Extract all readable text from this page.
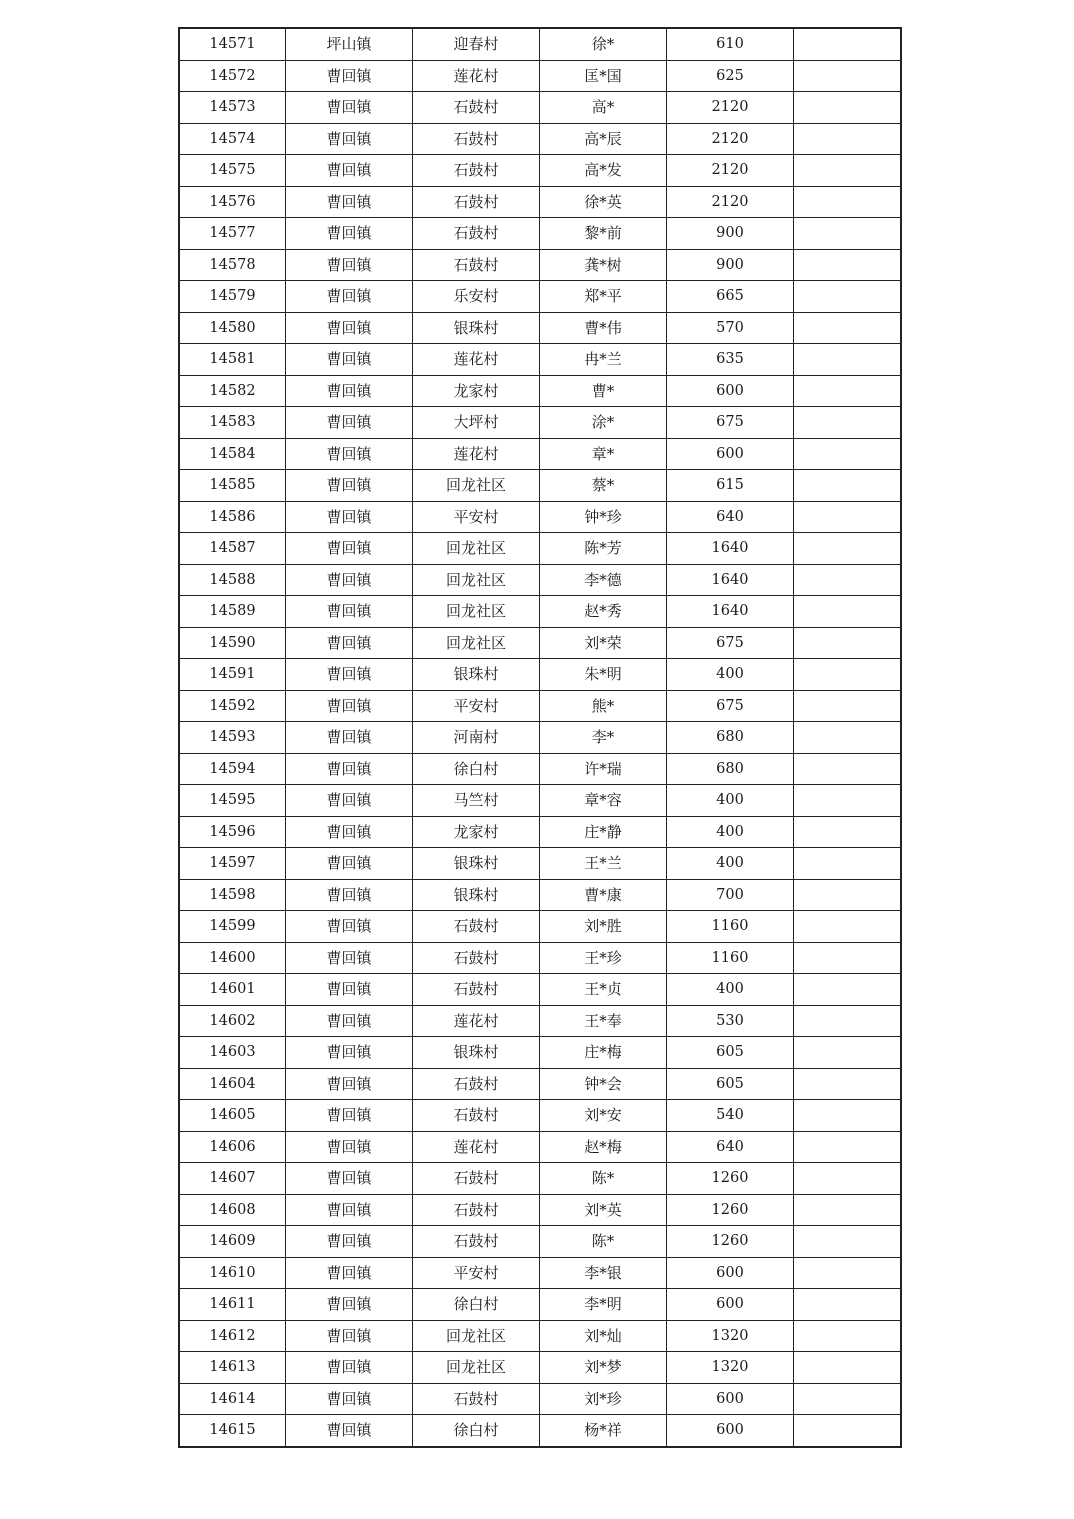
14571	坪山镇	迎春村	徐*	610	
14572	曹回镇	莲花村	匡*国	625	
14573	曹回镇	石鼓村	高*	2120	
14574	曹回镇	石鼓村	高*辰	2120	
14575	曹回镇	石鼓村	高*发	2120	
14576	曹回镇	石鼓村	徐*英	2120	
14577	曹回镇	石鼓村	黎*前	900	
14578	曹回镇	石鼓村	龚*树	900	
14579	曹回镇	乐安村	郑*平	665	
14580	曹回镇	银珠村	曹*伟	570	
14581	曹回镇	莲花村	冉*兰	635	
14582	曹回镇	龙家村	曹*	600	
14583	曹回镇	大坪村	涂*	675	
14584	曹回镇	莲花村	章*	600	
14585	曹回镇	回龙社区	蔡*	615	
14586	曹回镇	平安村	钟*珍	640	
14587	曹回镇	回龙社区	陈*芳	1640	
14588	曹回镇	回龙社区	李*德	1640	
14589	曹回镇	回龙社区	赵*秀	1640	
14590	曹回镇	回龙社区	刘*荣	675	
14591	曹回镇	银珠村	朱*明	400	
14592	曹回镇	平安村	熊*	675	
14593	曹回镇	河南村	李*	680	
14594	曹回镇	徐白村	许*瑞	680	
14595	曹回镇	马竺村	章*容	400	
14596	曹回镇	龙家村	庄*静	400	
14597	曹回镇	银珠村	王*兰	400	
14598	曹回镇	银珠村	曹*康	700	
14599	曹回镇	石鼓村	刘*胜	1160	
14600	曹回镇	石鼓村	王*珍	1160	
14601	曹回镇	石鼓村	王*贞	400	
14602	曹回镇	莲花村	王*奉	530	
14603	曹回镇	银珠村	庄*梅	605	
14604	曹回镇	石鼓村	钟*会	605	
14605	曹回镇	石鼓村	刘*安	540	
14606	曹回镇	莲花村	赵*梅	640	
14607	曹回镇	石鼓村	陈*	1260	
14608	曹回镇	石鼓村	刘*英	1260	
14609	曹回镇	石鼓村	陈*	1260	
14610	曹回镇	平安村	李*银	600	
14611	曹回镇	徐白村	李*明	600	
14612	曹回镇	回龙社区	刘*灿	1320	
14613	曹回镇	回龙社区	刘*梦	1320	
14614	曹回镇	石鼓村	刘*珍	600	
14615	曹回镇	徐白村	杨*祥	600	
